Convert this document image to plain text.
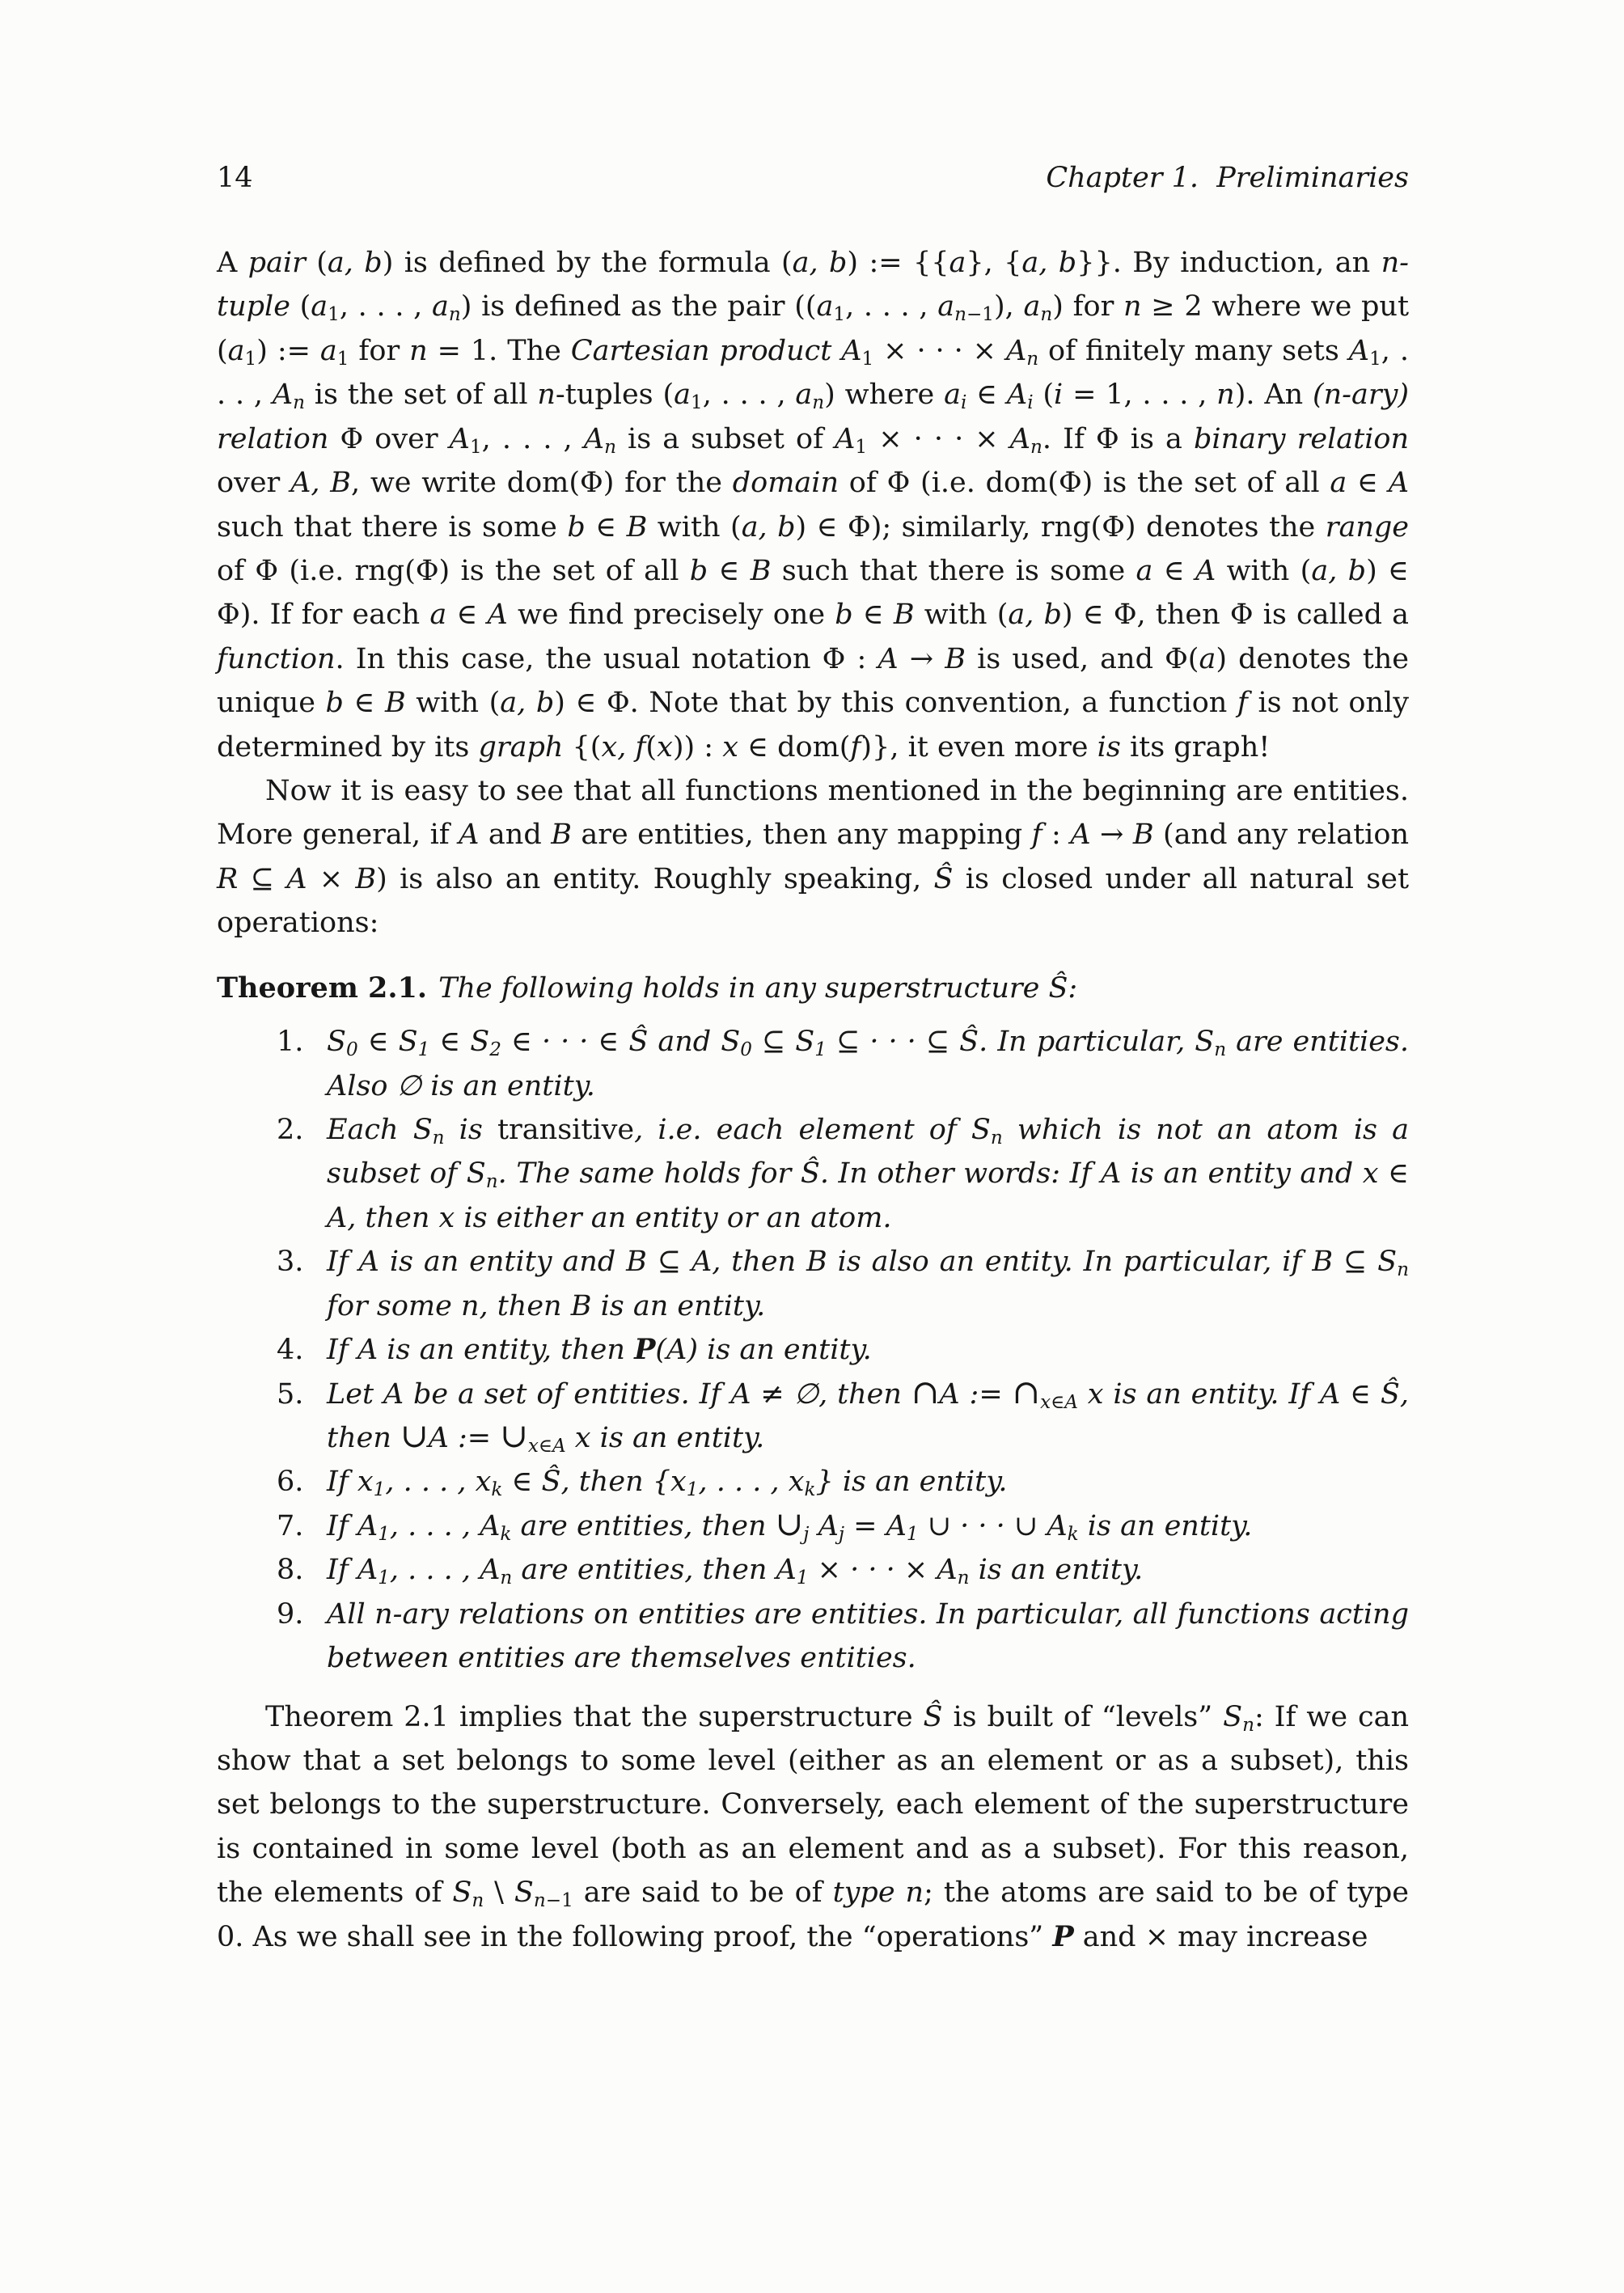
14	Chapter 1.  Preliminaries

A pair (a, b) is defined by the formula (a, b) := {{a}, {a, b}}. By induction, an n-tuple ($a_1$, . . . , $a_n$) is defined as the pair (($a_1$, . . . , $a_{n-1}$), $a_n$) for n ≥ 2 where we put $(a_1)$ := $a_1$ for n = 1. The Cartesian product $A_1$ × · · · × $A_n$ of finitely many sets $A_1$, . . . , $A_n$ is the set of all n-tuples ($a_1$, . . . , $a_n$) where $a_i$ ∈ $A_i$ (i = 1, . . . , n). An (n-ary) relation Φ over $A_1$, . . . , $A_n$ is a subset of $A_1$ × · · · × $A_n$. If Φ is a binary relation over A, B, we write dom(Φ) for the domain of Φ (i.e. dom(Φ) is the set of all a ∈ A such that there is some b ∈ B with (a, b) ∈ Φ); similarly, rng(Φ) denotes the range of Φ (i.e. rng(Φ) is the set of all b ∈ B such that there is some a ∈ A with (a, b) ∈ Φ). If for each a ∈ A we find precisely one b ∈ B with (a, b) ∈ Φ, then Φ is called a function. In this case, the usual notation Φ : A → B is used, and Φ(a) denotes the unique b ∈ B with (a, b) ∈ Φ. Note that by this convention, a function f is not only determined by its graph {(x, f(x)) : x ∈ dom(f)}, it even more is its graph!

Now it is easy to see that all functions mentioned in the beginning are entities. More general, if A and B are entities, then any mapping f : A → B (and any relation R ⊆ A × B) is also an entity. Roughly speaking, Ŝ is closed under all natural set operations:

Theorem 2.1. The following holds in any superstructure Ŝ:
1. $S_0$ ∈ $S_1$ ∈ $S_2$ ∈ · · · ∈ Ŝ and $S_0$ ⊆ $S_1$ ⊆ · · · ⊆ Ŝ. In particular, $S_n$ are entities. Also ∅ is an entity.
2. Each $S_n$ is transitive, i.e. each element of $S_n$ which is not an atom is a subset of $S_n$. The same holds for Ŝ. In other words: If A is an entity and x ∈ A, then x is either an entity or an atom.
3. If A is an entity and B ⊆ A, then B is also an entity. In particular, if B ⊆ $S_n$ for some n, then B is an entity.
4. If A is an entity, then P(A) is an entity.
5. Let A be a set of entities. If A ≠ ∅, then ∩A := $\cap_{x\in A}$ x is an entity. If A ∈ Ŝ, then ∪A := $\cup_{x\in A}$ x is an entity.
6. If $x_1$, . . . , $x_k$ ∈ Ŝ, then {$x_1$, . . . , $x_k$} is an entity.
7. If $A_1$, . . . , $A_k$ are entities, then $\cup_j$ $A_j = A_1$ ∪ · · · ∪ $A_k$ is an entity.
8. If $A_1$, . . . , $A_n$ are entities, then $A_1$ × · · · × $A_n$ is an entity.
9. All n-ary relations on entities are entities. In particular, all functions acting between entities are themselves entities.

Theorem 2.1 implies that the superstructure Ŝ is built of “levels” $S_n$: If we can show that a set belongs to some level (either as an element or as a subset), this set belongs to the superstructure. Conversely, each element of the superstructure is contained in some level (both as an element and as a subset). For this reason, the elements of $S_n$ \ $S_{n-1}$ are said to be of type n; the atoms are said to be of type 0. As we shall see in the following proof, the “operations” P and × may increase
